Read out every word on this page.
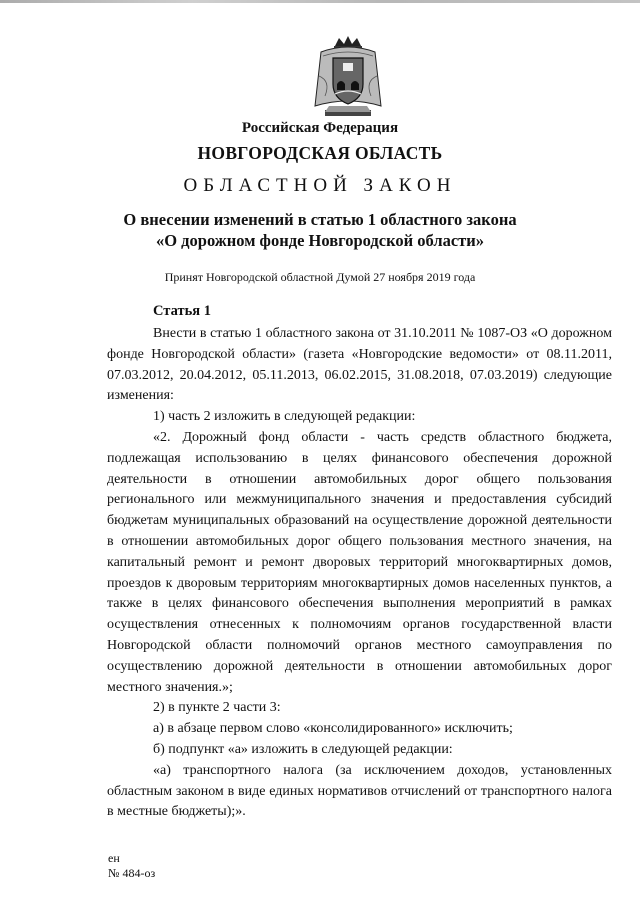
Российская Федерация
НОВГОРОДСКАЯ ОБЛАСТЬ
ОБЛАСТНОЙ ЗАКОН
О внесении изменений в статью 1 областного закона
«О дорожном фонде Новгородской области»
Принят Новгородской областной Думой 27 ноября 2019 года
Статья 1

Внести в статью 1 областного закона от 31.10.2011 № 1087-ОЗ «О дорожном фонде Новгородской области» (газета «Новгородские ведомости» от 08.11.2011, 07.03.2012, 20.04.2012, 05.11.2013, 06.02.2015, 31.08.2018, 07.03.2019) следующие изменения:

1) часть 2 изложить в следующей редакции:

«2. Дорожный фонд области - часть средств областного бюджета, подлежащая использованию в целях финансового обеспечения дорожной деятельности в отношении автомобильных дорог общего пользования регионального или межмуниципального значения и предоставления субсидий бюджетам муниципальных образований на осуществление дорожной деятельности в отношении автомобильных дорог общего пользования местного значения, на капитальный ремонт и ремонт дворовых территорий многоквартирных домов, проездов к дворовым территориям многоквартирных домов населенных пунктов, а также в целях финансового обеспечения выполнения мероприятий в рамках осуществления отнесенных к полномочиям органов государственной власти Новгородской области полномочий органов местного самоуправления по осуществлению дорожной деятельности в отношении автомобильных дорог местного значения.»;

2) в пункте 2 части 3:

а) в абзаце первом слово «консолидированного» исключить;

б) подпункт «а» изложить в следующей редакции:

«а) транспортного налога (за исключением доходов, установленных областным законом в виде единых нормативов отчислений от транспортного налога в местные бюджеты);».

ен
№ 484-оз
